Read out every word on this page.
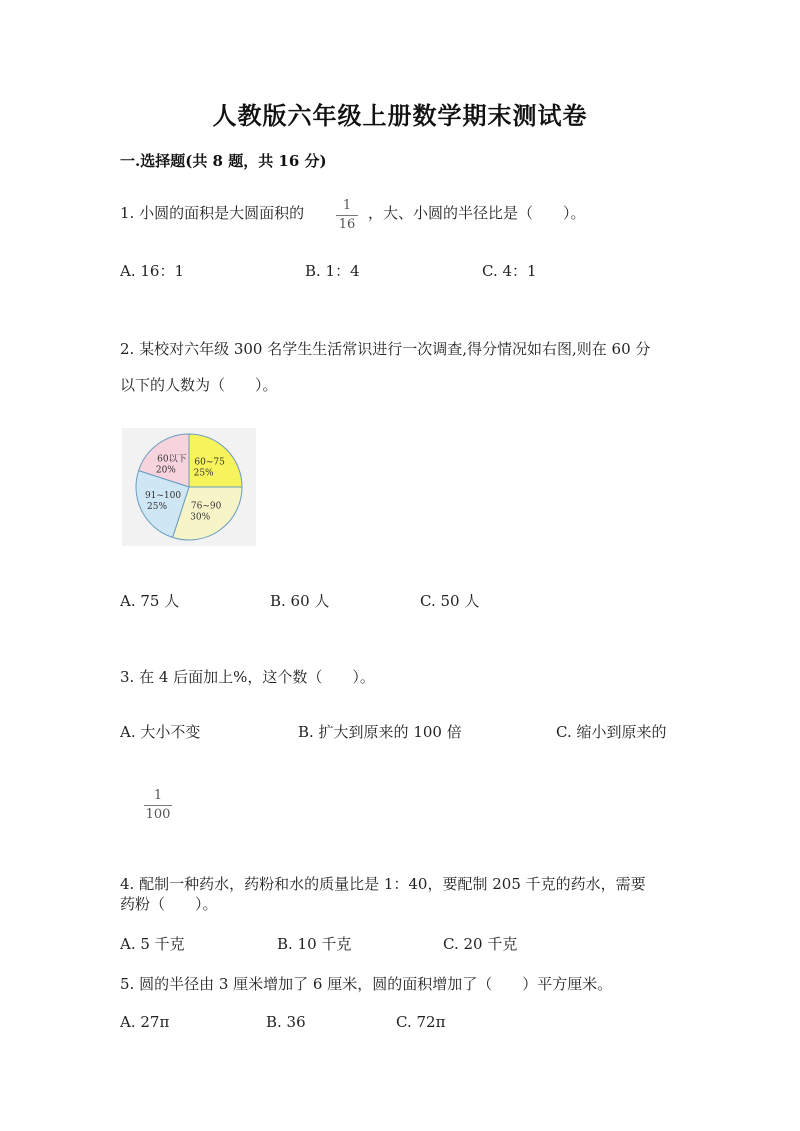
人教版六年级上册数学期末测试卷
一.选择题(共 8 题，共 16 分)
1. 小圆的面积是大圆面积的	1
16
，大、小圆的半径比是（　　）。
A. 16：1	B. 1：4	C. 4：1
2. 某校对六年级 300 名学生生活常识进行一次调查,得分情况如右图,则在 60 分
以下的人数为（　　）。
60以下
20%
60~75
25%
76~90
30%
91~100
25%
A. 75 人	B. 60 人	C. 50 人
3. 在 4 后面加上%，这个数（　　）。
A. 大小不变	B. 扩大到原来的 100 倍	C. 缩小到原来的
1
100
4. 配制一种药水，药粉和水的质量比是 1：40，要配制 205 千克的药水，需要
药粉（　　）。
A. 5 千克	B. 10 千克	C. 20 千克
5. 圆的半径由 3 厘米增加了 6 厘米，圆的面积增加了（　　）平方厘米。
A. 27π	B. 36	C. 72π
